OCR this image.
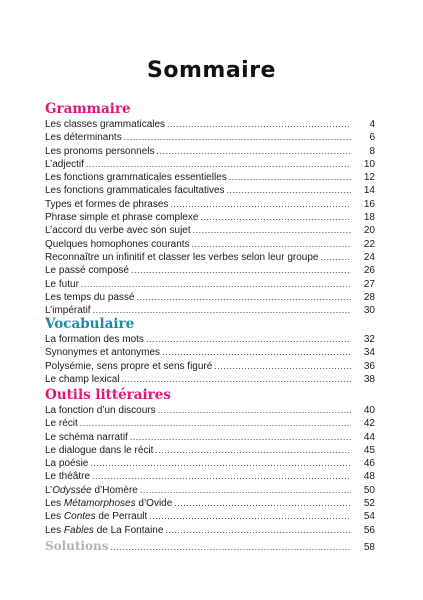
Sommaire
Grammaire
Les classes grammaticales .....	4
Les déterminants .....	6
Les pronoms personnels .....	8
L’adjectif .....	10
Les fonctions grammaticales essentielles .....	12
Les fonctions grammaticales facultatives .....	14
Types et formes de phrases .....	16
Phrase simple et phrase complexe .....	18
L’accord du verbe avec son sujet .....	20
Quelques homophones courants .....	22
Reconnaître un infinitif et classer les verbes selon leur groupe .....	24
Le passé composé .....	26
Le futur .....	27
Les temps du passé .....	28
L’impératif .....	30
Vocabulaire
La formation des mots .....	32
Synonymes et antonymes .....	34
Polysémie, sens propre et sens figuré .....	36
Le champ lexical .....	38
Outils littéraires
La fonction d’un discours .....	40
Le récit .....	42
Le schéma narratif .....	44
Le dialogue dans le récit .....	45
La poésie .....	46
Le théâtre .....	48
L’Odyssée d’Homère .....	50
Les Métamorphoses d’Ovide .....	52
Les Contes de Perrault .....	54
Les Fables de La Fontaine .....	56
Solutions .....	58
